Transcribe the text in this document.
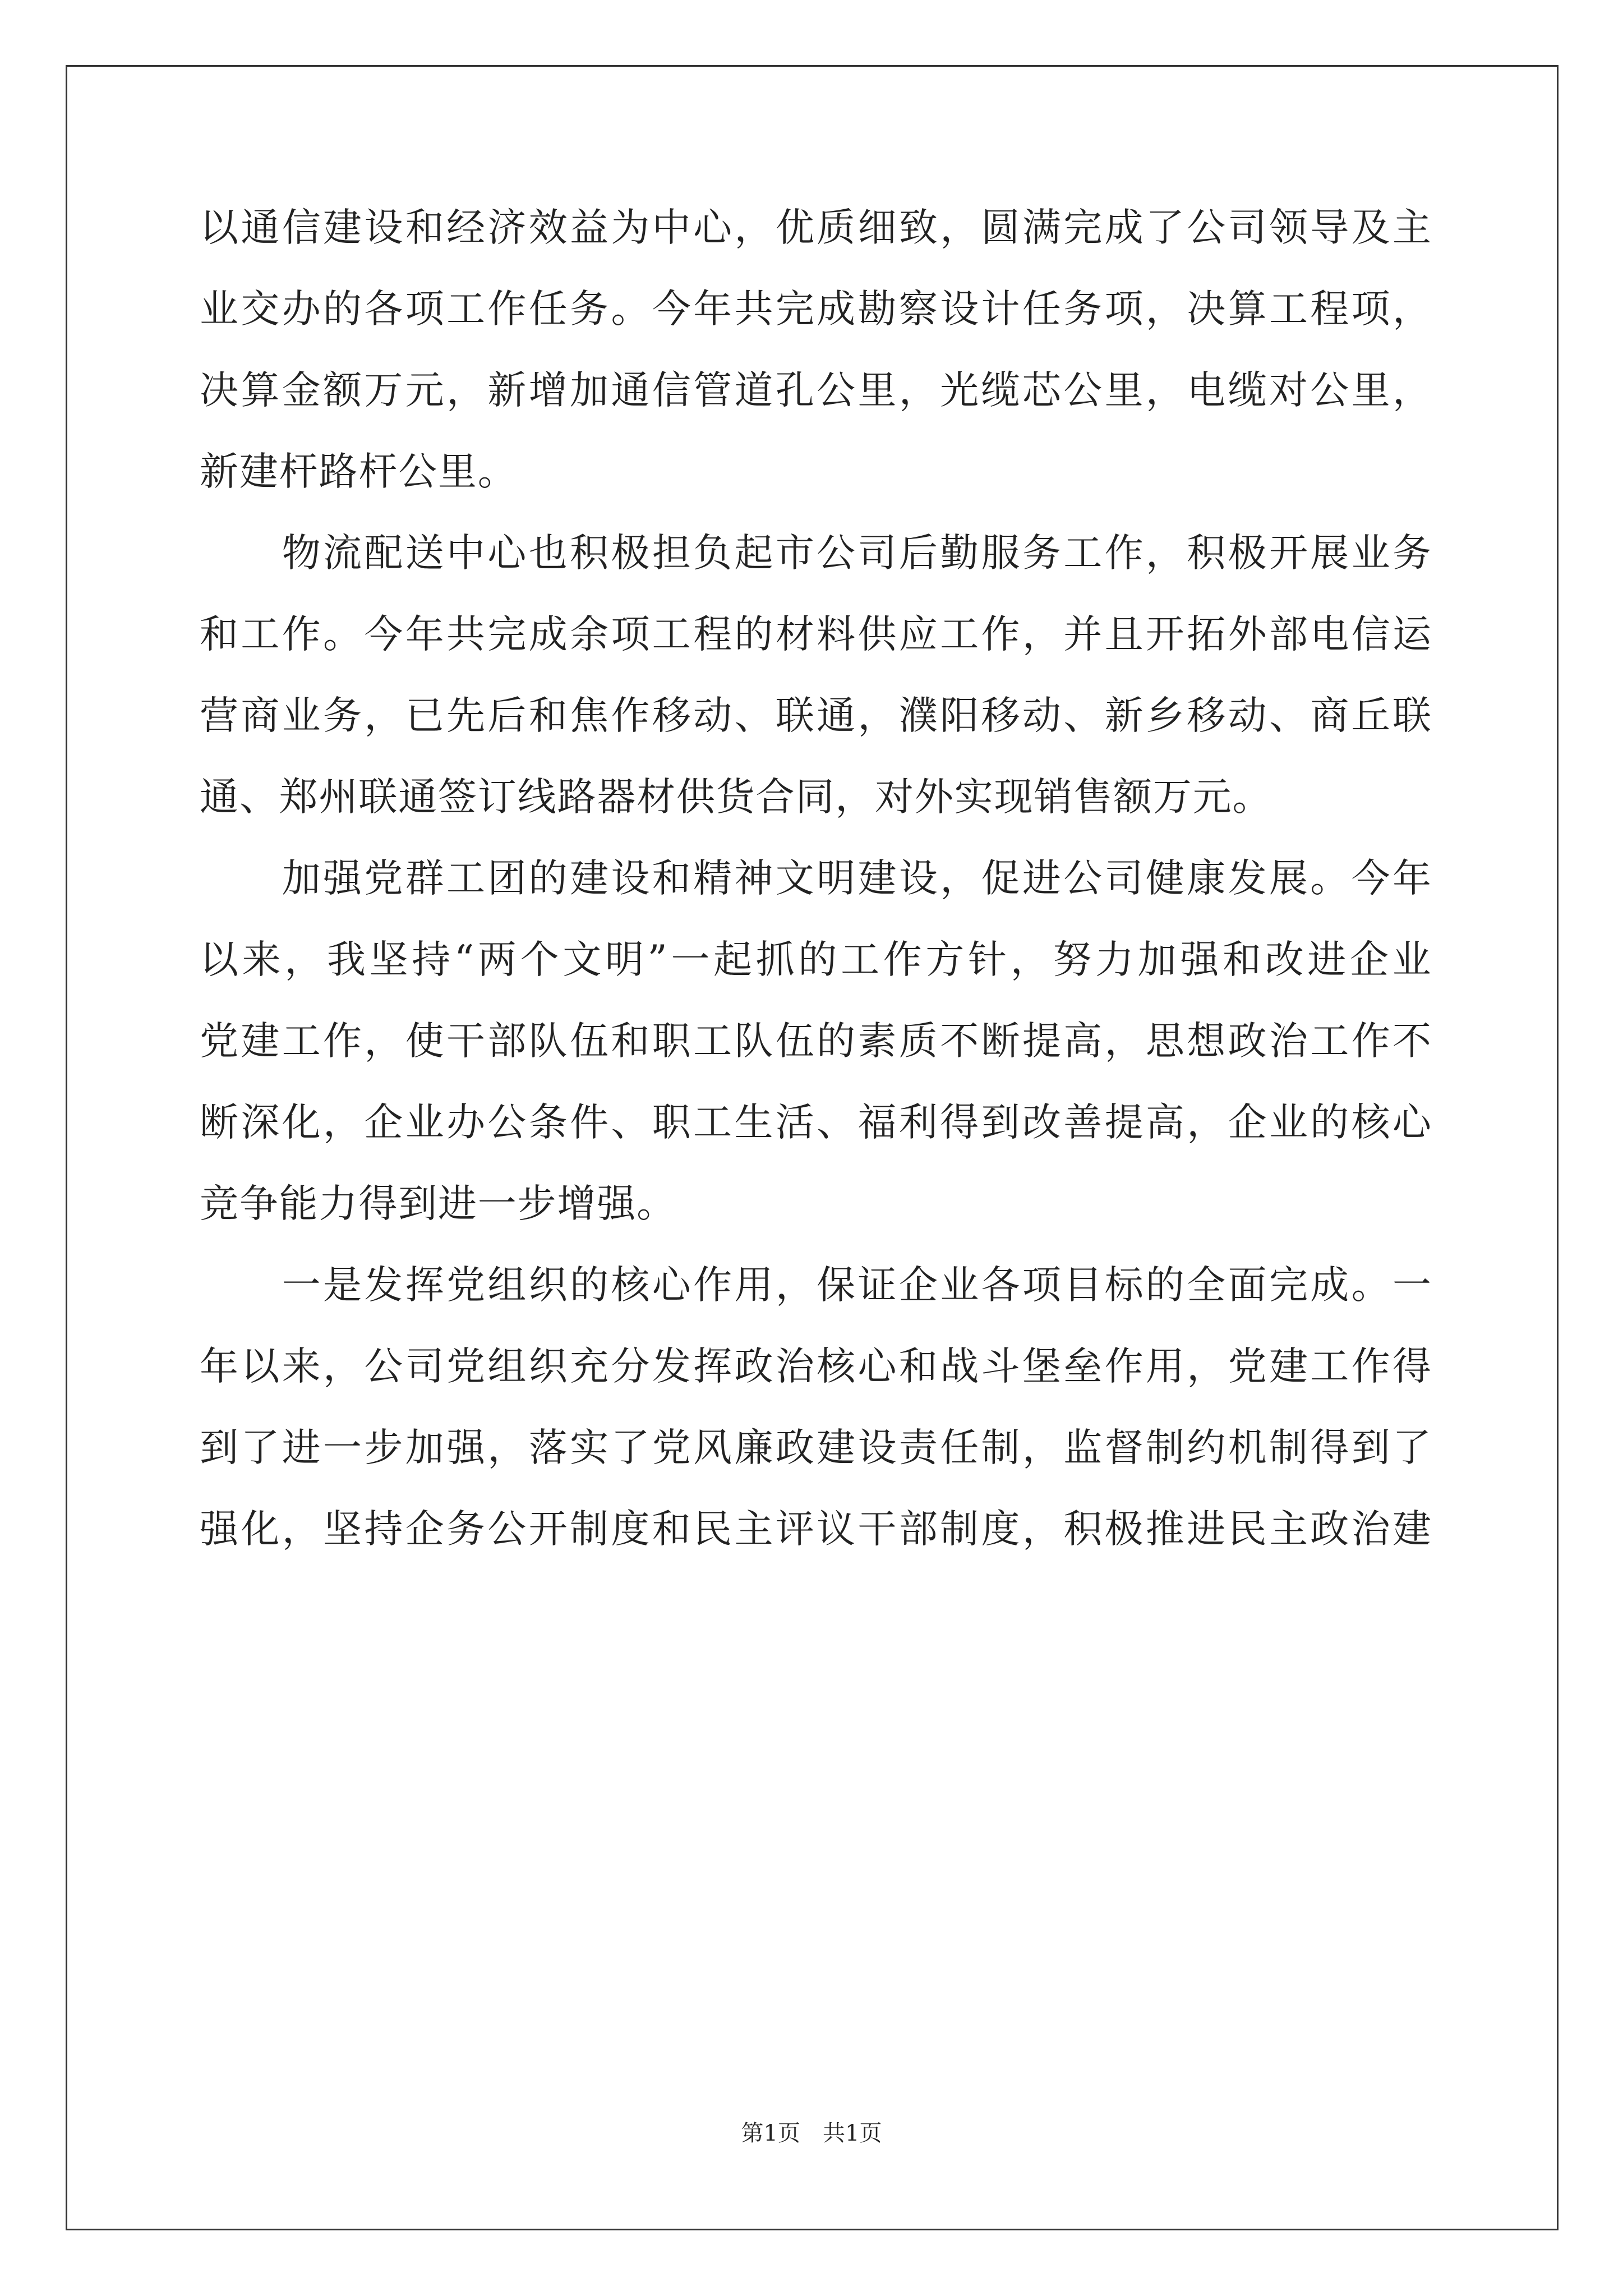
以 通 信 建 设 和 经 济 效 益 为 中 心 ， 优 质 细 致 ， 圆 满 完 成 了 公 司 领 导 及 主
业 交 办 的 各 项 工 作 任 务 。 今 年 共 完 成 勘 察 设 计 任 务 项 ， 决 算 工 程 项 ，
决 算 金 额 万 元 ， 新 增 加 通 信 管 道 孔 公 里 ， 光 缆 芯 公 里 ， 电 缆 对 公 里 ，
新建杆路杆公里。

物 流 配 送 中 心 也 积 极 担 负 起 市 公 司 后 勤 服 务 工 作 ， 积 极 开 展 业 务
和 工 作 。 今 年 共 完 成 余 项 工 程 的 材 料 供 应 工 作 ， 并 且 开 拓 外 部 电 信 运
营 商 业 务 ， 已 先 后 和 焦 作 移 动 、 联 通 ， 濮 阳 移 动 、 新 乡 移 动 、 商 丘 联
通、郑州联通签订线路器材供货合同，对外实现销售额万元。

加 强 党 群 工 团 的 建 设 和 精 神 文 明 建 设 ， 促 进 公 司 健 康 发 展 。 今 年
以 来 ， 我 坚 持 “ 两 个 文 明 ” 一 起 抓 的 工 作 方 针 ， 努 力 加 强 和 改 进 企 业
党 建 工 作 ， 使 干 部 队 伍 和 职 工 队 伍 的 素 质 不 断 提 高 ， 思 想 政 治 工 作 不
断 深 化 ， 企 业 办 公 条 件 、 职 工 生 活 、 福 利 得 到 改 善 提 高 ， 企 业 的 核 心
竞争能力得到进一步增强。

一 是 发 挥 党 组 织 的 核 心 作 用 ， 保 证 企 业 各 项 目 标 的 全 面 完 成 。 一
年 以 来 ， 公 司 党 组 织 充 分 发 挥 政 治 核 心 和 战 斗 堡 垒 作 用 ， 党 建 工 作 得
到 了 进 一 步 加 强 ， 落 实 了 党 风 廉 政 建 设 责 任 制 ， 监 督 制 约 机 制 得 到 了
强 化 ， 坚 持 企 务 公 开 制 度 和 民 主 评 议 干 部 制 度 ， 积 极 推 进 民 主 政 治 建
第1页　共1页
